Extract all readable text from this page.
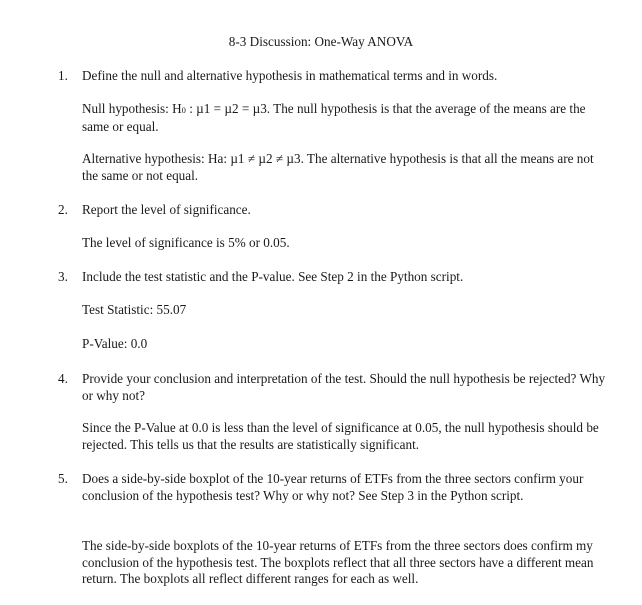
8-3 Discussion: One-Way ANOVA
1.	Define the null and alternative hypothesis in mathematical terms and in words.
Null hypothesis: H0 : µ1 = µ2 = µ3. The null hypothesis is that the average of the means are the same or equal.
Alternative hypothesis: Ha: µ1 ≠ µ2 ≠ µ3. The alternative hypothesis is that all the means are not the same or not equal.
2.	Report the level of significance.
The level of significance is 5% or 0.05.
3.	Include the test statistic and the P-value. See Step 2 in the Python script.
Test Statistic: 55.07
P-Value: 0.0
4.	Provide your conclusion and interpretation of the test. Should the null hypothesis be rejected? Why or why not?
Since the P-Value at 0.0 is less than the level of significance at 0.05, the null hypothesis should be rejected. This tells us that the results are statistically significant.
5.	Does a side-by-side boxplot of the 10-year returns of ETFs from the three sectors confirm your conclusion of the hypothesis test? Why or why not? See Step 3 in the Python script.
The side-by-side boxplots of the 10-year returns of ETFs from the three sectors does confirm my conclusion of the hypothesis test. The boxplots reflect that all three sectors have a different mean return. The boxplots all reflect different ranges for each as well.
